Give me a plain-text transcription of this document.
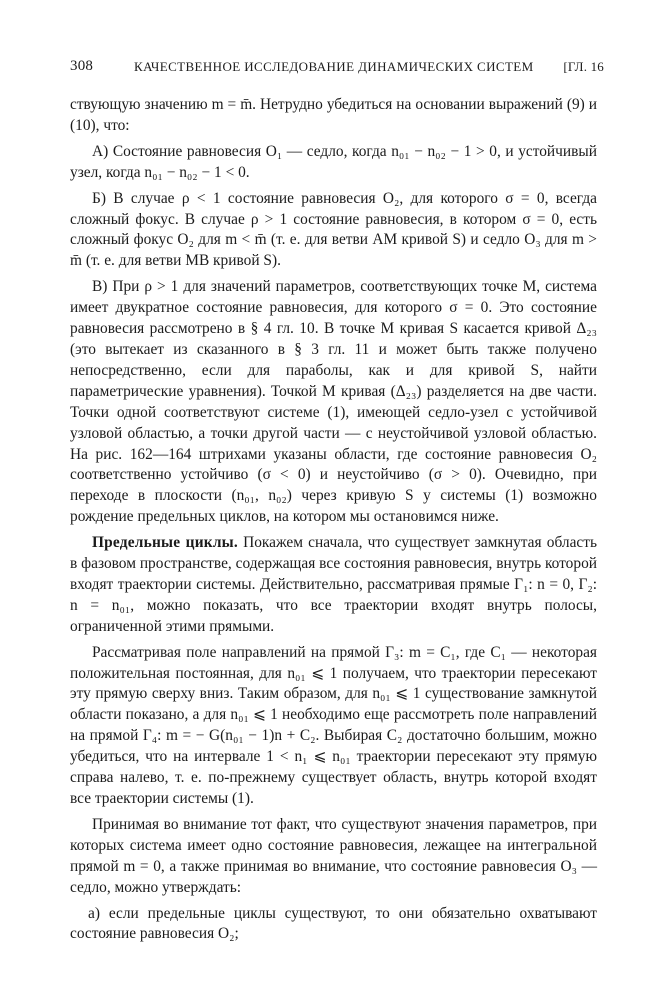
308	КАЧЕСТВЕННОЕ ИССЛЕДОВАНИЕ ДИНАМИЧЕСКИХ СИСТЕМ [ГЛ. 16

ствующую значению m = m̄. Нетрудно убедиться на основании выражений (9) и (10), что:

А) Состояние равновесия O₁ — седло, когда n₀₁ − n₀₂ − 1 > 0, и устойчивый узел, когда n₀₁ − n₀₂ − 1 < 0.

Б) В случае ρ < 1 состояние равновесия O₂, для которого σ = 0, всегда сложный фокус. В случае ρ > 1 состояние равновесия, в котором σ = 0, есть сложный фокус O₂ для m < m̄ (т. е. для ветви AM кривой S) и седло O₃ для m > m̄ (т. е. для ветви MB кривой S).

В) При ρ > 1 для значений параметров, соответствующих точке M, система имеет двукратное состояние равновесия, для которого σ = 0. Это состояние равновесия рассмотрено в § 4 гл. 10. В точке M кривая S касается кривой Δ₂₃ (это вытекает из сказанного в § 3 гл. 11 и может быть также получено непосредственно, если для параболы, как и для кривой S, найти параметрические уравнения). Точкой M кривая (Δ₂₃) разделяется на две части. Точки одной соответствуют системе (1), имеющей седло-узел с устойчивой узловой областью, а точки другой части — с неустойчивой узловой областью. На рис. 162—164 штрихами указаны области, где состояние равновесия O₂ соответственно устойчиво (σ < 0) и неустойчиво (σ > 0). Очевидно, при переходе в плоскости (n₀₁, n₀₂) через кривую S у системы (1) возможно рождение предельных циклов, на котором мы остановимся ниже.

Предельные циклы. Покажем сначала, что существует замкнутая область в фазовом пространстве, содержащая все состояния равновесия, внутрь которой входят траектории системы. Действительно, рассматривая прямые Γ₁: n = 0, Γ₂: n = n₀₁, можно показать, что все траектории входят внутрь полосы, ограниченной этими прямыми.

Рассматривая поле направлений на прямой Γ₃: m = C₁, где C₁ — некоторая положительная постоянная, для n₀₁ ⩽ 1 получаем, что траектории пересекают эту прямую сверху вниз. Таким образом, для n₀₁ ⩽ 1 существование замкнутой области показано, а для n₀₁ ⩽ 1 необходимо еще рассмотреть поле направлений на прямой Γ₄: m = − G(n₀₁ − 1)n + C₂. Выбирая C₂ достаточно большим, можно убедиться, что на интервале 1 < n₁ ⩽ n₀₁ траектории пересекают эту прямую справа налево, т. е. по-прежнему существует область, внутрь которой входят все траектории системы (1).

Принимая во внимание тот факт, что существуют значения параметров, при которых система имеет одно состояние равновесия, лежащее на интегральной прямой m = 0, а также принимая во внимание, что состояние равновесия O₃ — седло, можно утверждать:

а) если предельные циклы существуют, то они обязательно охватывают состояние равновесия O₂;
